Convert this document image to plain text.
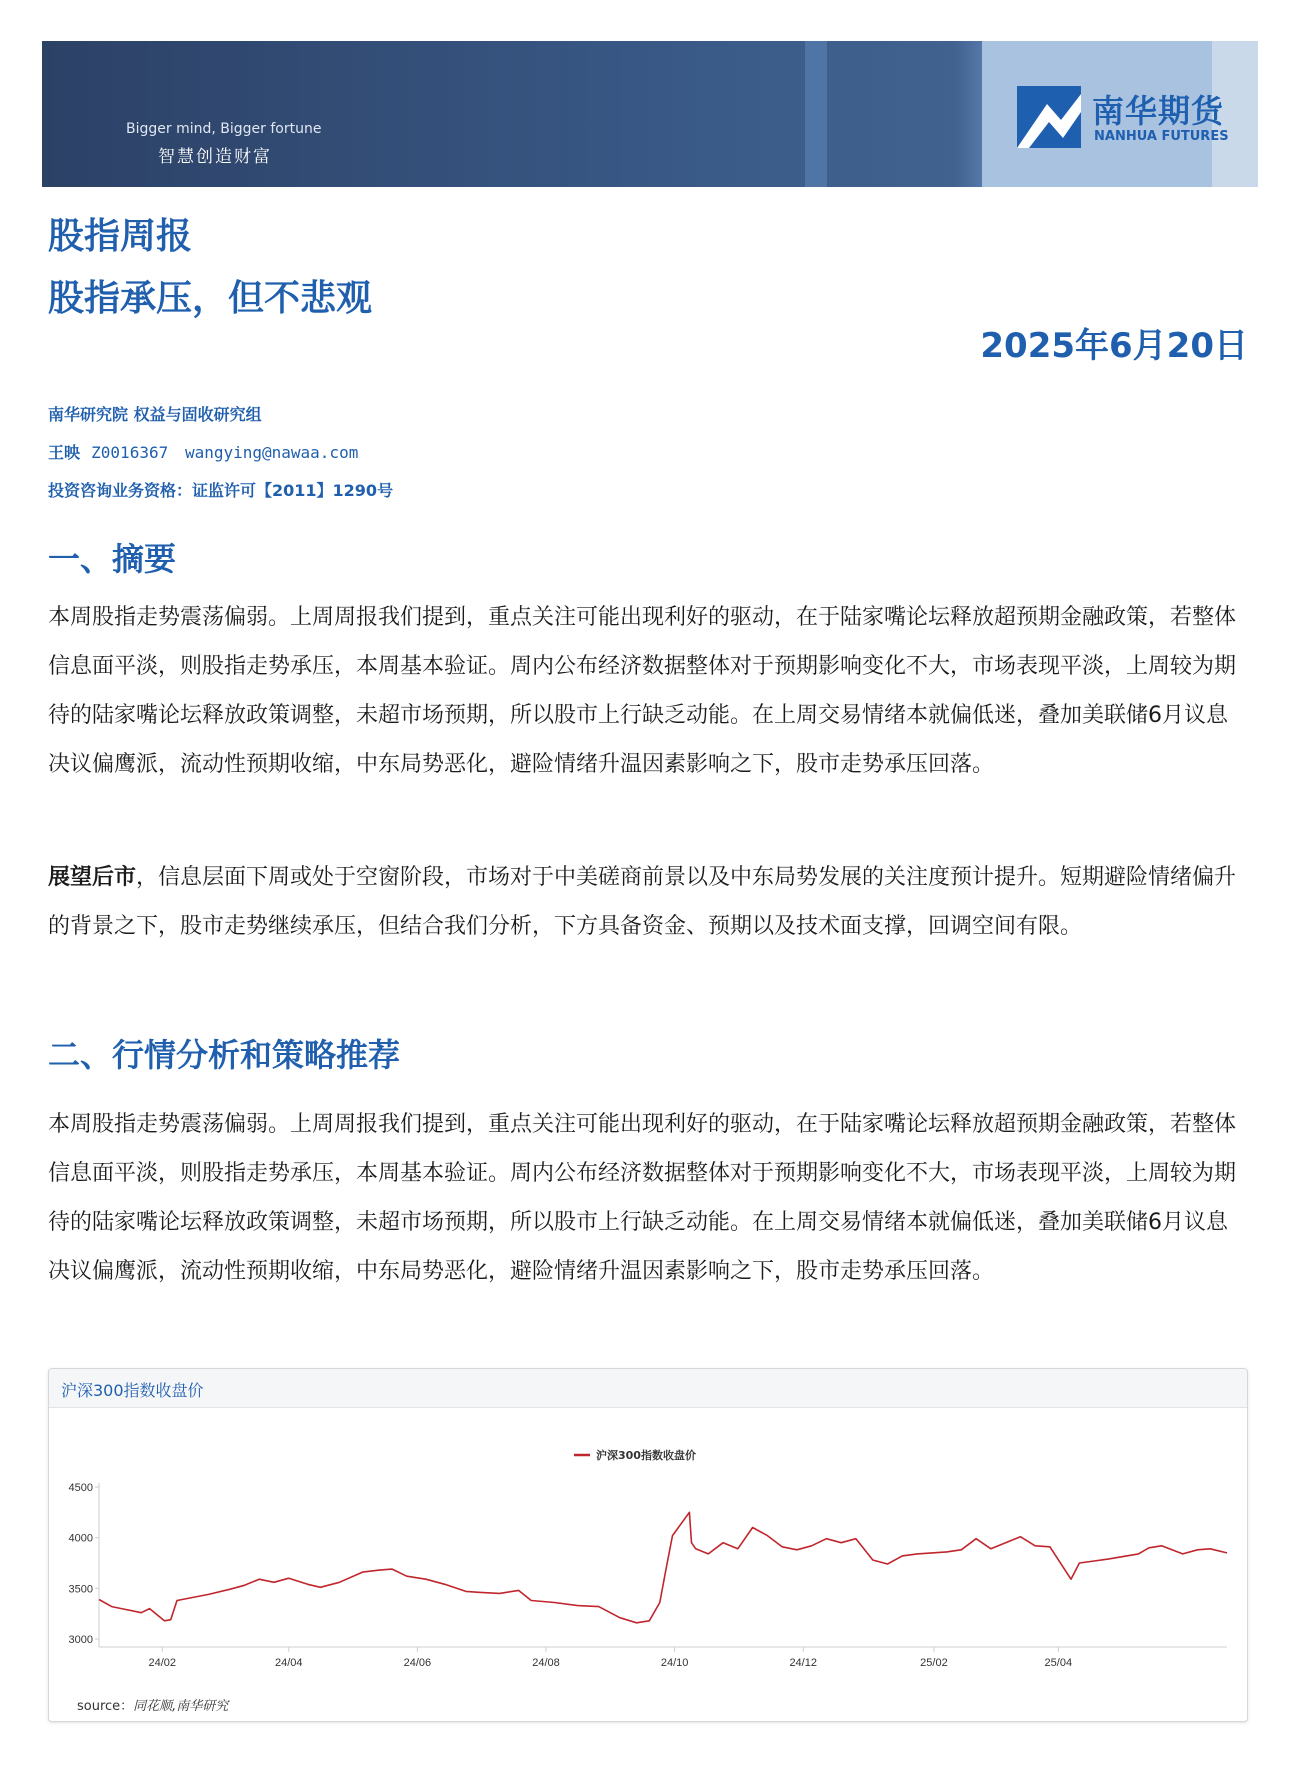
Bigger mind, Bigger fortune
智慧创造财富
南华期货
NANHUA FUTURES
股指周报
股指承压，但不悲观
2025年6月20日
南华研究院 权益与固收研究组
王映 Z0016367 wangying@nawaa.com
投资咨询业务资格：证监许可【2011】1290号
一、摘要

本周股指走势震荡偏弱。上周周报我们提到，重点关注可能出现利好的驱动，在于陆家嘴论坛释放超预期金融政策，若整体信息面平淡，则股指走势承压，本周基本验证。周内公布经济数据整体对于预期影响变化不大，市场表现平淡，上周较为期待的陆家嘴论坛释放政策调整，未超市场预期，所以股市上行缺乏动能。在上周交易情绪本就偏低迷，叠加美联储6月议息决议偏鹰派，流动性预期收缩，中东局势恶化，避险情绪升温因素影响之下，股市走势承压回落。

展望后市，信息层面下周或处于空窗阶段，市场对于中美磋商前景以及中东局势发展的关注度预计提升。短期避险情绪偏升的背景之下，股市走势继续承压，但结合我们分析，下方具备资金、预期以及技术面支撑，回调空间有限。

二、行情分析和策略推荐

本周股指走势震荡偏弱。上周周报我们提到，重点关注可能出现利好的驱动，在于陆家嘴论坛释放超预期金融政策，若整体信息面平淡，则股指走势承压，本周基本验证。周内公布经济数据整体对于预期影响变化不大，市场表现平淡，上周较为期待的陆家嘴论坛释放政策调整，未超市场预期，所以股市上行缺乏动能。在上周交易情绪本就偏低迷，叠加美联储6月议息决议偏鹰派，流动性预期收缩，中东局势恶化，避险情绪升温因素影响之下，股市走势承压回落。

沪深300指数收盘价
3000
3500
4000
4500
24/02	24/04	24/06	24/08	24/10	24/12	25/02	25/04
沪深300指数收盘价
source：同花顺,南华研究
